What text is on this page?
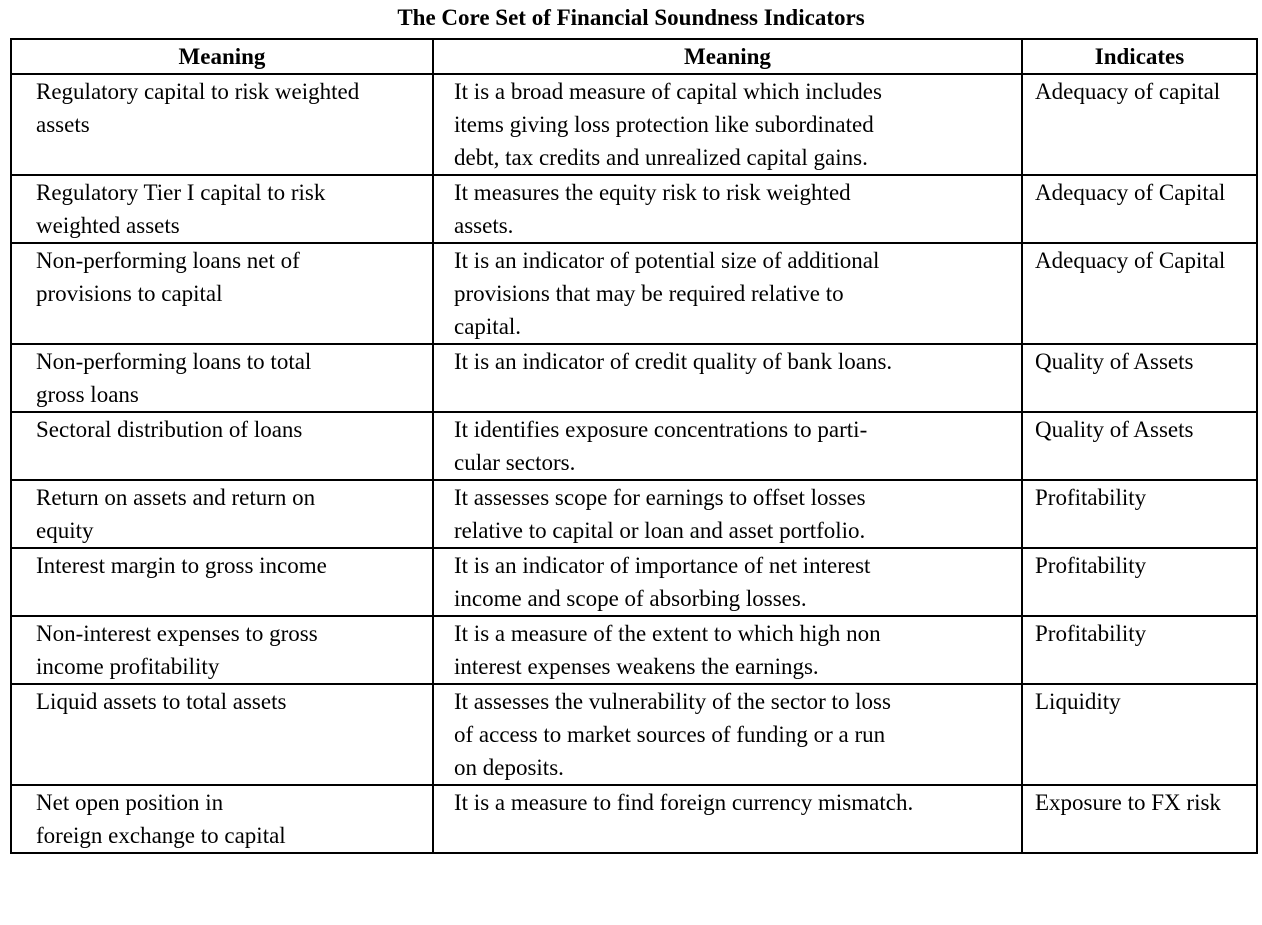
The Core Set of Financial Soundness Indicators
Meaning	Meaning	Indicates

Regulatory capital to risk weighted
assets	It is a broad measure of capital which includes
items giving loss protection like subordinated
debt, tax credits and unrealized capital gains.	Adequacy of capital

Regulatory Tier I capital to risk
weighted assets	It measures the equity risk to risk weighted
assets.	Adequacy of Capital

Non-performing loans net of
provisions to capital	It is an indicator of potential size of additional
provisions that may be required relative to
capital.	Adequacy of Capital

Non-performing loans to total
gross loans	It is an indicator of credit quality of bank loans.	Quality of Assets

Sectoral distribution of loans	It identifies exposure concentrations to parti-
cular sectors.	Quality of Assets

Return on assets and return on
equity	It assesses scope for earnings to offset losses
relative to capital or loan and asset portfolio.	Profitability

Interest margin to gross income	It is an indicator of importance of net interest
income and scope of absorbing losses.	Profitability

Non-interest expenses to gross
income profitability	It is a measure of the extent to which high non
interest expenses weakens the earnings.	Profitability

Liquid assets to total assets	It assesses the vulnerability of the sector to loss
of access to market sources of funding or a run
on deposits.	Liquidity

Net open position in
foreign exchange to capital	It is a measure to find foreign currency mismatch.	Exposure to FX risk
